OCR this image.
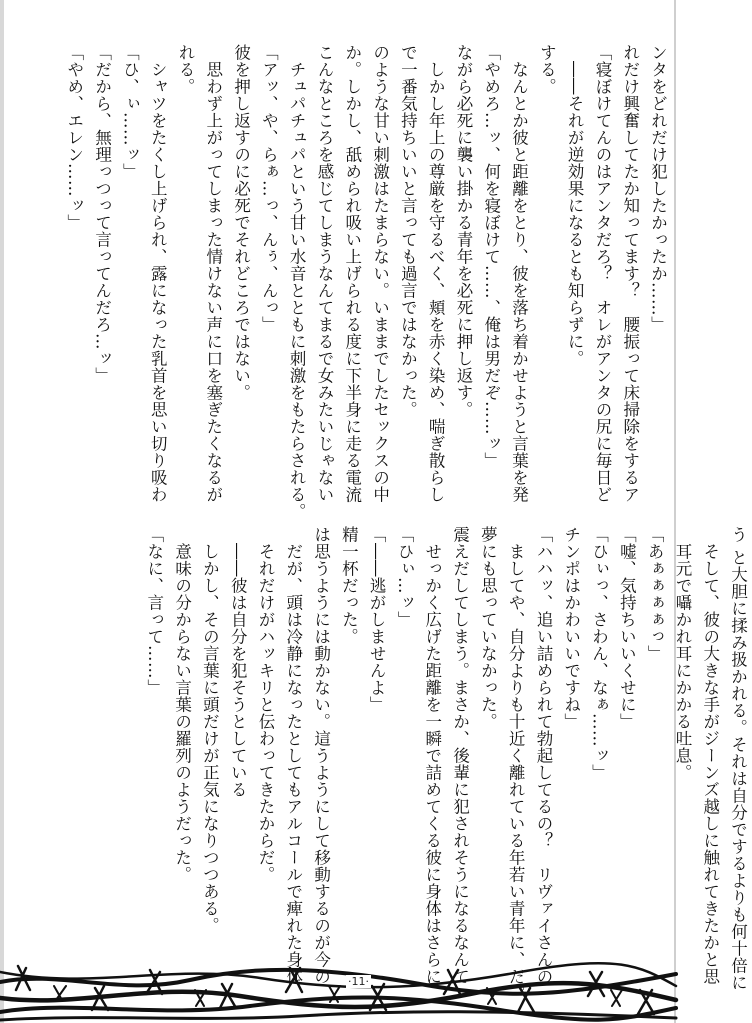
ンタをどれだけ犯したかったか……」
れだけ興奮してたか知ってます？　腰振って床掃除をするア
「寝ぼけてんのはアンタだろ？　オレがアンタの尻に毎日ど
　――それが逆効果になるとも知らずに。
する。
　なんとか彼と距離をとり、彼を落ち着かせようと言葉を発
「やめろ…ッ、何を寝ぼけて……、俺は男だぞ……ッ」
ながら必死に襲い掛かる青年を必死に押し返す。
　しかし年上の尊厳を守るべく、頬を赤く染め、喘ぎ散らし
で一番気持ちいいと言っても過言ではなかった。
のような甘い刺激はたまらない。いままでしたセックスの中
か。しかし、舐められ吸い上げられる度に下半身に走る電流
こんなところを感じてしまうなんてまるで女みたいじゃない
　チュパチュパという甘い水音とともに刺激をもたらされる。
「アッ、や、らぁ…っ、んぅ、んっ」
彼を押し返すのに必死でそれどころではない。
　思わず上がってしまった情けない声に口を塞ぎたくなるが
れる。
　シャツをたくし上げられ、露になった乳首を思い切り吸わ
「ひ、ぃ……ッ」
「だから、無理っつって言ってんだろ…ッ」
「やめ、エレン……ッ」
う と大胆に揉み扱かれる。それは自分でするよりも何十倍に
　そして、彼の大きな手がジーンズ越しに触れてきたかと思
　耳元で囁かれ耳にかかる吐息。
「あぁぁぁぁっ」
「嘘、気持ちいいくせに」
「ひぃっ、さわん、なぁ……ッ」
チンポはかわいいですね」
「ハハッ、追い詰められて勃起してるの？　リヴァイさんの
　ましてや、自分よりも十近く離れている年若い青年に、だ。
夢にも思っていなかった。
震えだしてしまう。まさか、後輩に犯されそうになるなんて
　せっかく広げた距離を一瞬で詰めてくる彼に身体はさらに
「ひぃ…ッ」
「――逃がしませんよ」
精一杯だった。
は思うようには動かない。這うようにして移動するのが今の
　だが、頭は冷静になったとしてもアルコールで痺れた身体
　それだけがハッキリと伝わってきたからだ。
　――彼は自分を犯そうとしている
　しかし、その言葉に頭だけが正気になりつつある。
　意味の分からない言葉の羅列のようだった。
「なに、言って……」
·11·
